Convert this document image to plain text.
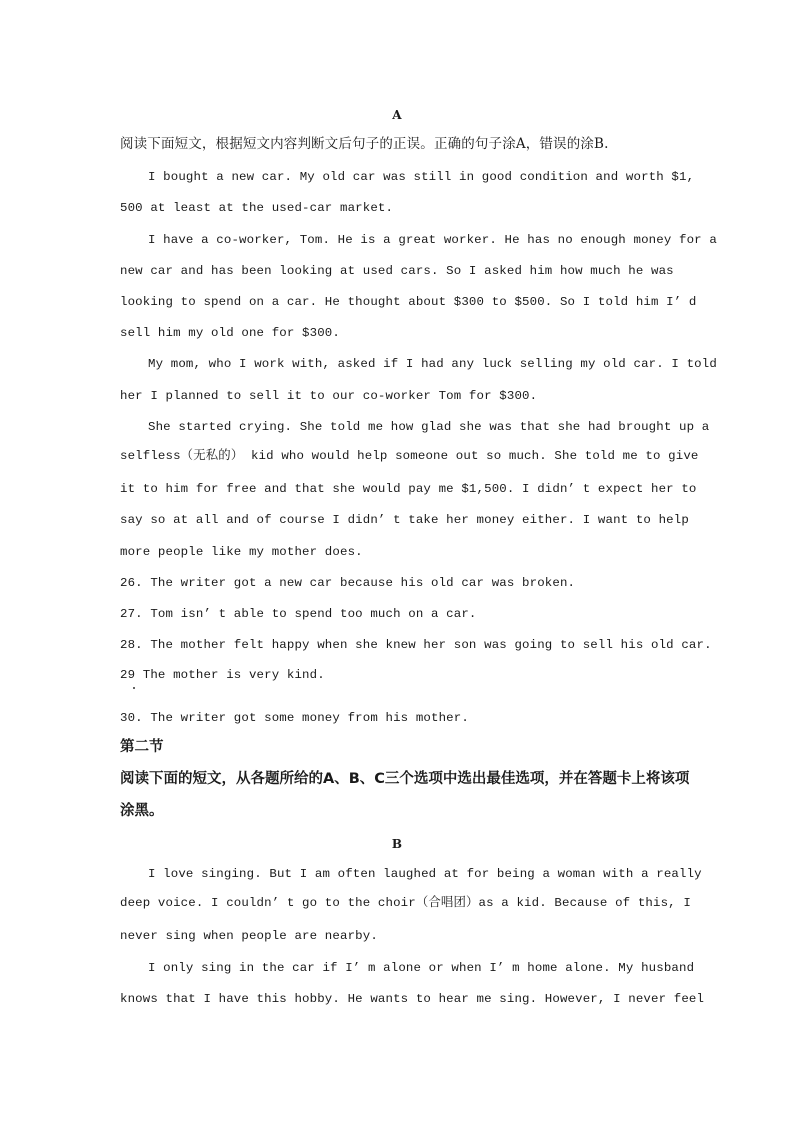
A
阅读下面短文，根据短文内容判断文后句子的正误。正确的句子涂A，错误的涂B.
I bought a new car. My old car was still in good condition and worth $1,
500 at least at the used-car market.
I have a co-worker, Tom. He is a great worker. He has no enough money for a
new car and has been looking at used cars. So I asked him how much he was
looking to spend on a car. He thought about $300 to $500. So I told him I’ d
sell him my old one for $300.
My mom, who I work with, asked if I had any luck selling my old car. I told
her I planned to sell it to our co-worker Tom for $300.
She started crying. She told me how glad she was that she had brought up a
selfless（无私的） kid who would help someone out so much. She told me to give
it to him for free and that she would pay me $1,500. I didn’ t expect her to
say so at all and of course I didn’ t take her money either. I want to help
more people like my mother does.
26. The writer got a new car because his old car was broken.
27. Tom isn’ t able to spend too much on a car.
28. The mother felt happy when she knew her son was going to sell his old car.
29 The mother is very kind.
30. The writer got some money from his mother.
第二节
阅读下面的短文，从各题所给的A、B、C三个选项中选出最佳选项，并在答题卡上将该项
涂黑。
B
I love singing. But I am often laughed at for being a woman with a really
deep voice. I couldn’ t go to the choir（合唱团）as a kid. Because of this, I
never sing when people are nearby.
I only sing in the car if I’ m alone or when I’ m home alone. My husband
knows that I have this hobby. He wants to hear me sing. However, I never feel
